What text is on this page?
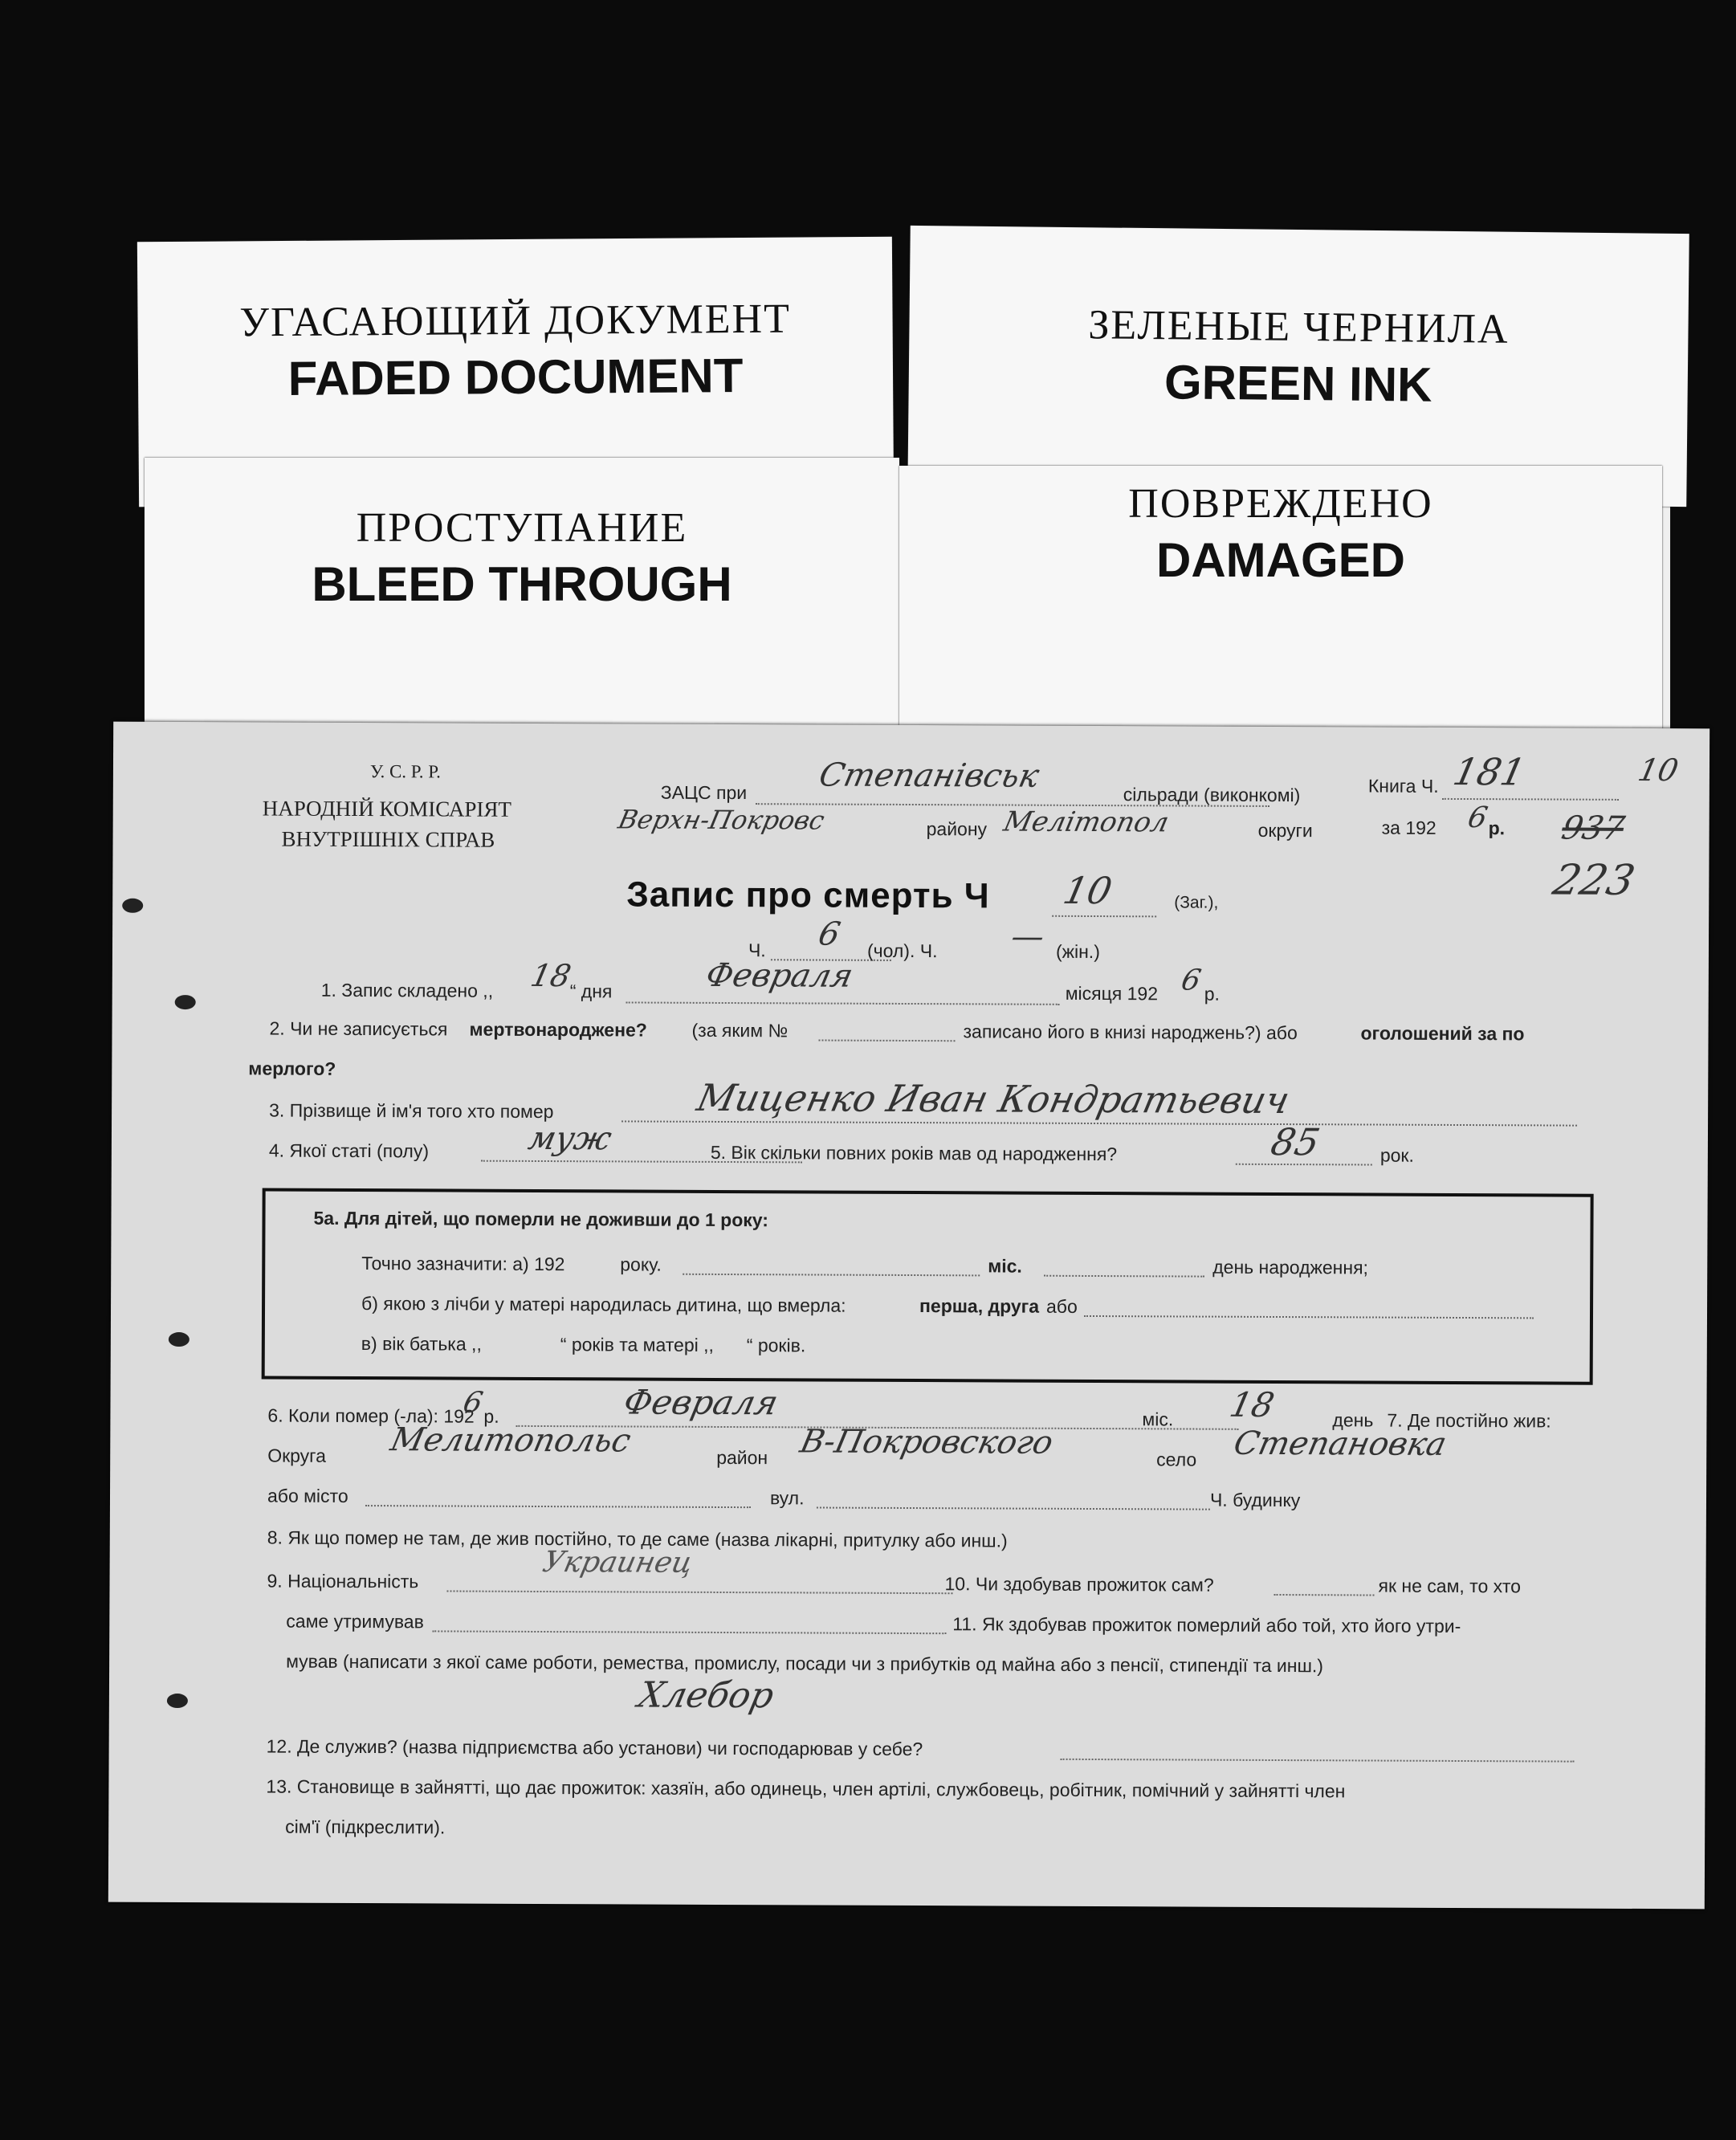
УГАСАЮЩИЙ ДОКУМЕНТ
FADED DOCUMENT
ЗЕЛЕНЫЕ ЧЕРНИЛА
GREEN INK
ПРОСТУПАНИЕ
BLEED THROUGH
ПОВРЕЖДЕНО
DAMAGED
У. С. Р. Р.
НАРОДНІЙ КОМІСАРІЯТ
ВНУТРІШНІХ СПРАВ
ЗАЦС при Степанівськ	сільради (виконкомі)
Верхн-Покровс	району Мелітопол	округи
Книга Ч. 181	10
за 192 6
р. 937
223
Запис про смерть Ч 10	(Заг.),
Ч. 6 (чол). Ч. — (жін.)
1. Запис складено ,, 18
“ дня	Февраля	місяця 192 6 р.
2. Чи не записується мертвонароджене? (за яким №	записано його в книзі народжень?) або	оголошений за по
мерлого?
3. Прізвище й ім'я того хто помер	Миценко Иван Кондратьевич
4. Якої статі (полу)	муж	5. Вік скільки повних років мав од народження?	85	рок.
5а. Для дітей, що померли не доживши до 1 року:
Точно зазначити: а) 192	року.	міс.	день народження;
б) якою з лічби у матері народилась дитина, що вмерла:	перша, друга або
в) вік батька ,,	“ років та матері ,, “ років.
6. Коли помер (-ла): 192
6
р.	Февраля	міс. 18	день 7. Де постійно жив:
Округа Мелитопольс	район В-Покровского	село Степановка
або місто	вул.	Ч. будинку
8. Як що помер не там, де жив постійно, то де саме (назва лікарні, притулку або инш.)
9. Національність
Украинец
10. Чи здобував прожиток сам?	як не сам, то хто
саме утримував	11. Як здобував прожиток померлий або той, хто його утри-
мував (написати з якої саме роботи, ремества, промислу, посади чи з прибутків од майна або з пенсії, стипендії та инш.)
Хлебор
12. Де служив? (назва підприємства або установи) чи господарював у себе?
13. Становище в зайнятті, що дає прожиток: хазяїн, або одинець, член артілі, службовець, робітник, помічний у зайнятті член
сім'ї (підкреслити).
